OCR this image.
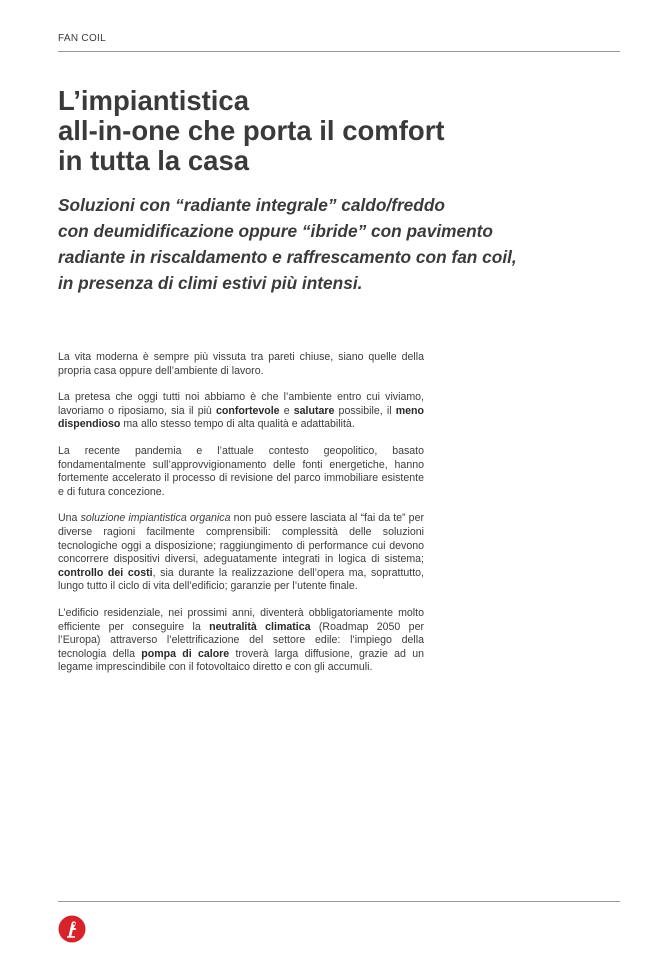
FAN COIL
L’impiantistica
all-in-one che porta il comfort
in tutta la casa
Soluzioni con “radiante integrale” caldo/freddo
con deumidificazione oppure “ibride” con pavimento
radiante in riscaldamento e raffrescamento con fan coil,
in presenza di climi estivi più intensi.

La vita moderna è sempre più vissuta tra pareti chiuse, siano quelle della propria casa oppure dell’ambiente di lavoro.

La pretesa che oggi tutti noi abbiamo è che l’ambiente entro cui viviamo, lavoriamo o riposiamo, sia il più confortevole e salutare possibile, il meno dispendioso ma allo stesso tempo di alta qualità e adattabilità.

La recente pandemia e l’attuale contesto geopolitico, basato fondamentalmente sull’approvvigionamento delle fonti energetiche, hanno fortemente accelerato il processo di revisione del parco immobiliare esistente e di futura concezione.

Una soluzione impiantistica organica non può essere lasciata al “fai da te” per diverse ragioni facilmente comprensibili: complessità delle soluzioni tecnologiche oggi a disposizione; raggiungimento di performance cui devono concorrere dispositivi diversi, adeguatamente integrati in logica di sistema; controllo dei costi, sia durante la realizzazione dell’opera ma, soprattutto, lungo tutto il ciclo di vita dell’edificio; garanzie per l’utente finale.

L’edificio residenziale, nei prossimi anni, diventerà obbligatoriamente molto efficiente per conseguire la neutralità climatica (Roadmap 2050 per l’Europa) attraverso l’elettrificazione del settore edile: l’impiego della tecnologia della pompa di calore troverà larga diffusione, grazie ad un legame imprescindibile con il fotovoltaico diretto e con gli accumuli.
